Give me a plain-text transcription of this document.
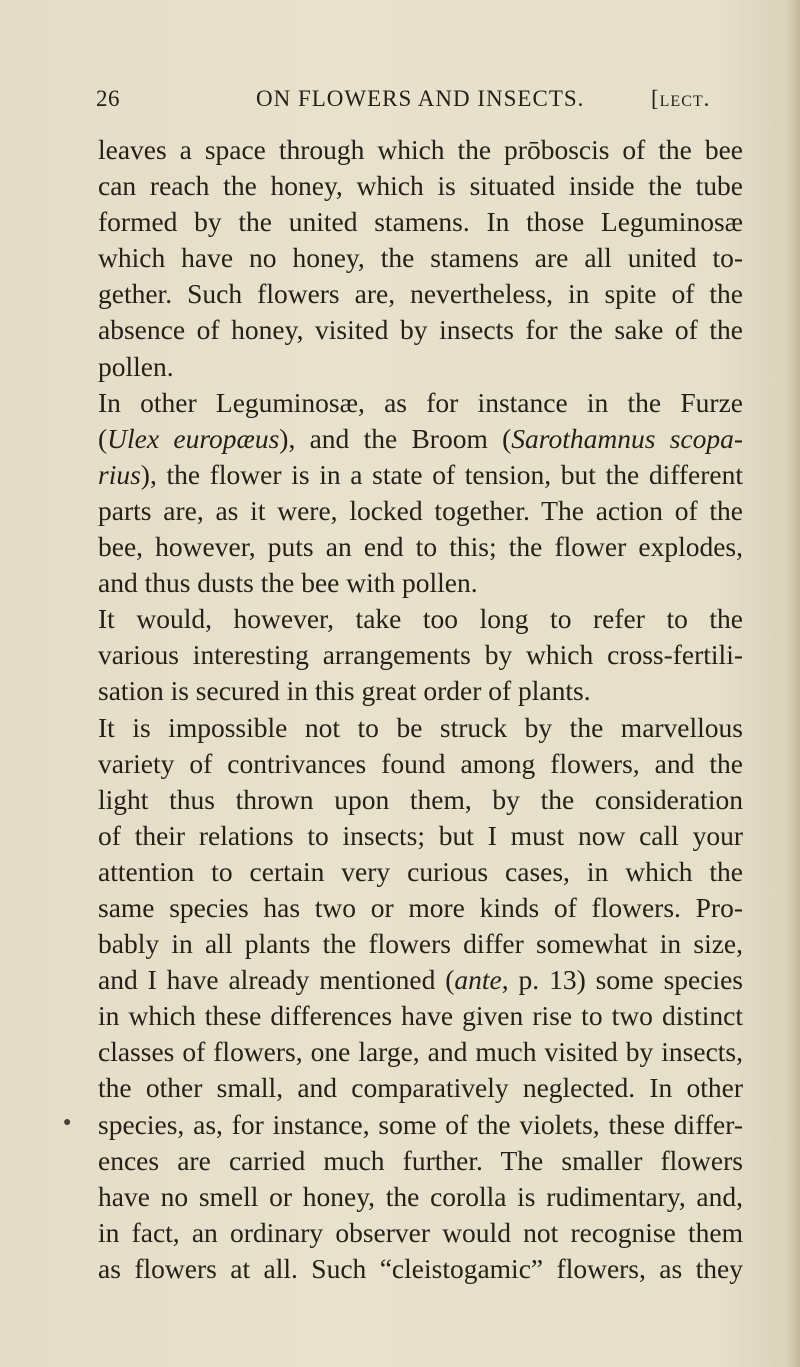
26	ON FLOWERS AND INSECTS.	[lect.
leaves a space through which the prōboscis of the bee
can reach the honey, which is situated inside the tube
formed by the united stamens. In those Leguminosæ
which have no honey, the stamens are all united to-
gether. Such flowers are, nevertheless, in spite of the
absence of honey, visited by insects for the sake of the
pollen.
In other Leguminosæ, as for instance in the Furze
(Ulex europæus), and the Broom (Sarothamnus scopa-
rius), the flower is in a state of tension, but the different
parts are, as it were, locked together. The action of the
bee, however, puts an end to this; the flower explodes,
and thus dusts the bee with pollen.
It would, however, take too long to refer to the
various interesting arrangements by which cross-fertili-
sation is secured in this great order of plants.
It is impossible not to be struck by the marvellous
variety of contrivances found among flowers, and the
light thus thrown upon them, by the consideration
of their relations to insects; but I must now call your
attention to certain very curious cases, in which the
same species has two or more kinds of flowers. Pro-
bably in all plants the flowers differ somewhat in size,
and I have already mentioned (ante, p. 13) some species
in which these differences have given rise to two distinct
classes of flowers, one large, and much visited by insects,
the other small, and comparatively neglected. In other
species, as, for instance, some of the violets, these differ-
ences are carried much further. The smaller flowers
have no smell or honey, the corolla is rudimentary, and,
in fact, an ordinary observer would not recognise them
as flowers at all. Such “cleistogamic” flowers, as they
●
